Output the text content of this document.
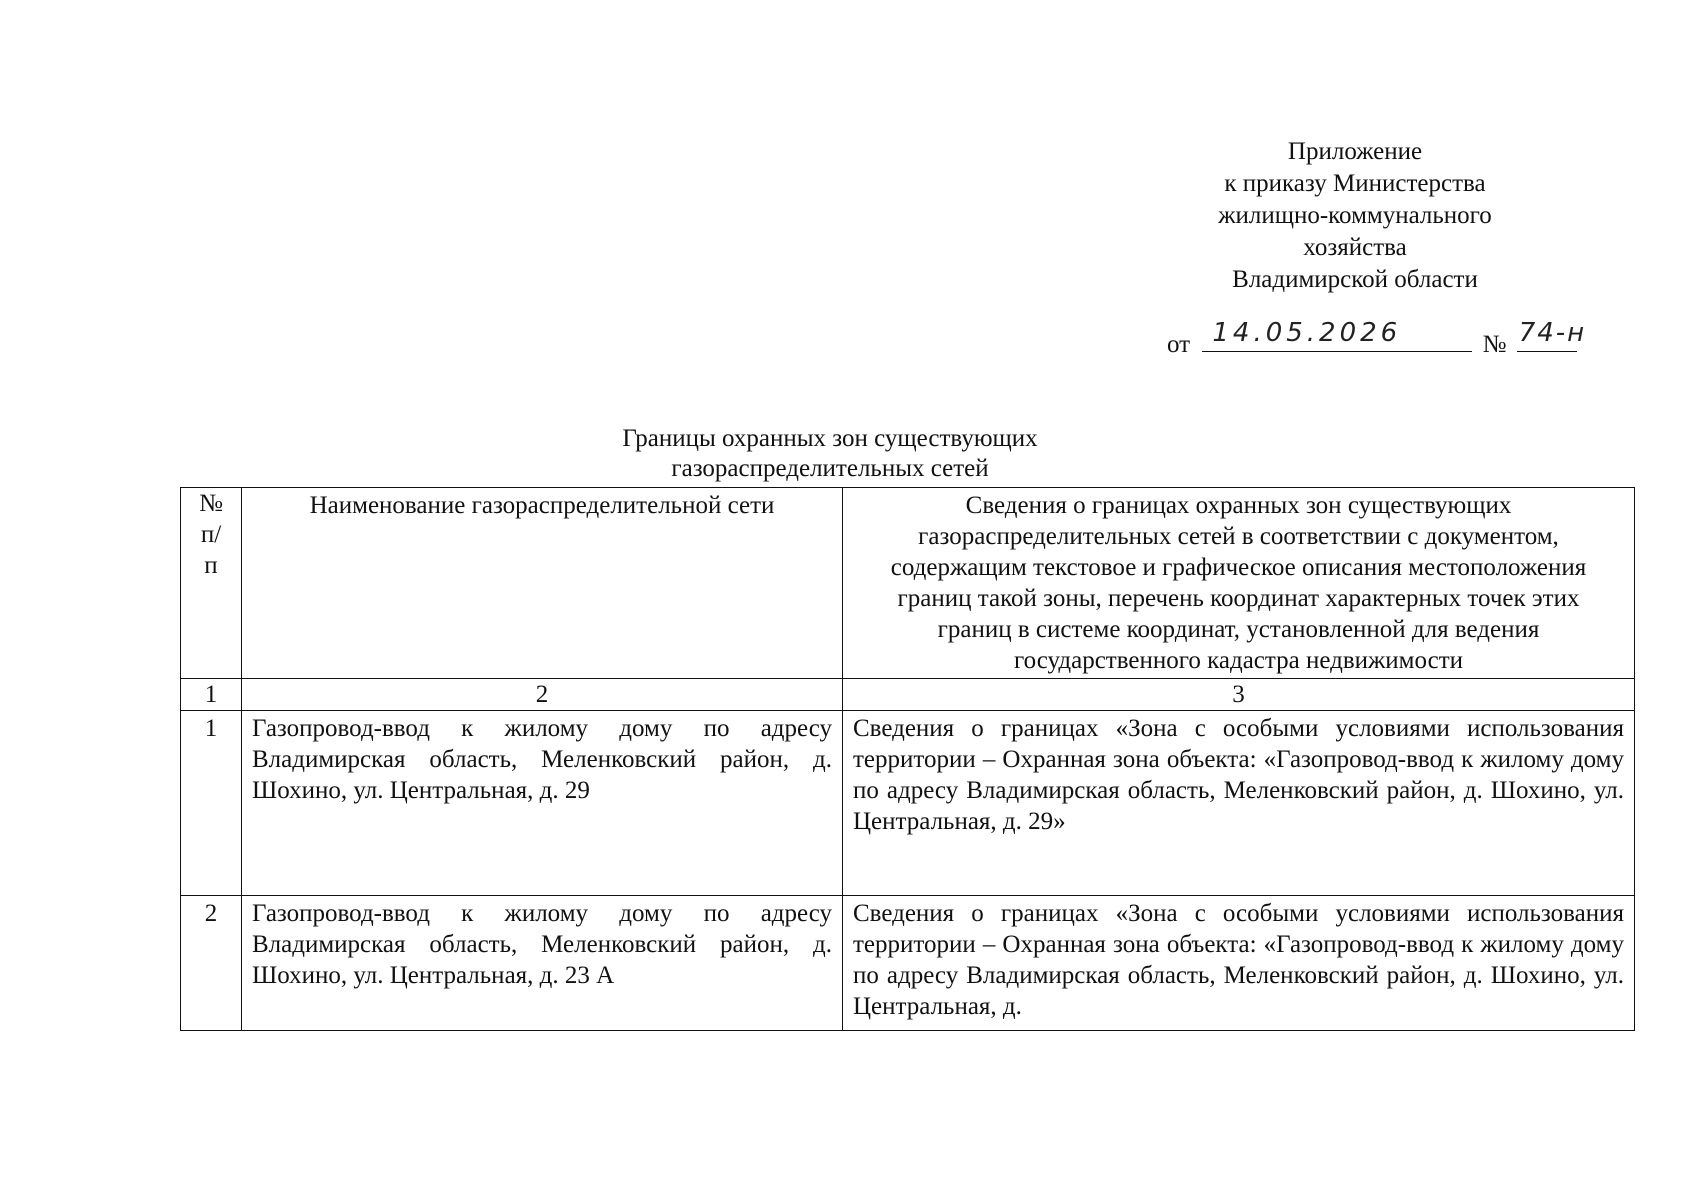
Приложение
к приказу Министерства
жилищно-коммунального
хозяйства
Владимирской области
от 14.05.2026	№ 74-н
Границы охранных зон существующих
газораспределительных сетей
№ п/п	Наименование газораспределительной сети	Сведения о границах охранных зон существующих газораспределительных сетей в соответствии с документом, содержащим текстовое и графическое описания местоположения границ такой зоны, перечень координат характерных точек этих границ в системе координат, установленной для ведения государственного кадастра недвижимости
1	2	3
1	Газопровод-ввод к жилому дому по адресу Владимирская область, Меленковский район, д. Шохино, ул. Центральная, д. 29	Сведения о границах «Зона с особыми условиями использования территории – Охранная зона объекта: «Газопровод-ввод к жилому дому по адресу Владимирская область, Меленковский район, д. Шохино, ул. Центральная, д. 29»
2	Газопровод-ввод к жилому дому по адресу Владимирская область, Меленковский район, д. Шохино, ул. Центральная, д. 23 А	Сведения о границах «Зона с особыми условиями использования территории – Охранная зона объекта: «Газопровод-ввод к жилому дому по адресу Владимирская область, Меленковский район, д. Шохино, ул. Центральная, д.
